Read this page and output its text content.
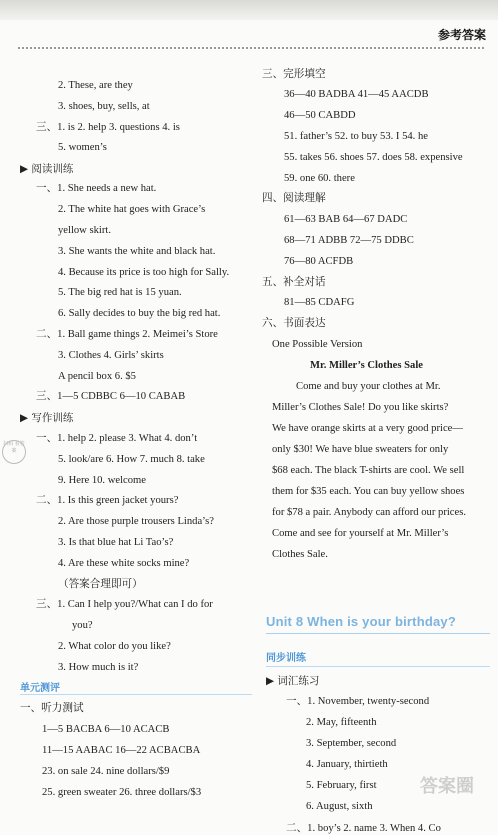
参考答案
2. These, are they
3. shoes, buy, sells, at
三、1. is 2. help 3. questions 4. is
5. women’s
▶ 阅读训练
一、1. She needs a new hat.
2. The white hat goes with Grace’s
yellow skirt.
3. She wants the white and black hat.
4. Because its price is too high for Sally.
5. The big red hat is 15 yuan.
6. Sally decides to buy the big red hat.
二、1. Ball game things 2. Meimei’s Store
3. Clothes 4. Girls’ skirts
A pencil box 6. $5
三、1—5 CDBBC 6—10 CABAB
▶ 写作训练
一、1. help 2. please 3. What 4. don’t
5. look/are 6. How 7. much 8. take
9. Here 10. welcome
二、1. Is this green jacket yours?
2. Are those purple trousers Linda’s?
3. Is that blue hat Li Tao’s?
4. Are these white socks mine?
（答案合理即可）
三、1. Can I help you?/What can I do for
you?
2. What color do you like?
3. How much is it?
单元测评
一、听力测试
1—5 BACBA 6—10 ACACB
11—15 AABAC 16—22 ACBACBA
23. on sale 24. nine dollars/$9
25. green sweater 26. three dollars/$3
三、完形填空
36—40 BADBA 41—45 AACDB
46—50 CABDD
51. father’s 52. to buy 53. I 54. he
55. takes 56. shoes 57. does 58. expensive
59. one 60. there
四、阅读理解
61—63 BAB 64—67 DADC
68—71 ADBB 72—75 DDBC
76—80 ACFDB
五、补全对话
81—85 CDAFG
六、书面表达
One Possible Version
Mr. Miller’s Clothes Sale
Come and buy your clothes at Mr.
Miller’s Clothes Sale! Do you like skirts?
We have orange skirts at a very good price—
only $30! We have blue sweaters for only
$68 each. The black T-shirts are cool. We sell
them for $35 each. You can buy yellow shoes
for $78 a pair. Anybody can afford our prices.
Come and see for yourself at Mr. Miller’s
Clothes Sale.
同步训练
▶ 词汇练习
一、1. November, twenty-second
2. May, fifteenth
3. September, second
4. January, thirtieth
5. February, first
6. August, sixth
二、1. boy’s 2. name 3. When 4. Co
Unit 8 When is your birthday?
扫码 看答案
答案圈
